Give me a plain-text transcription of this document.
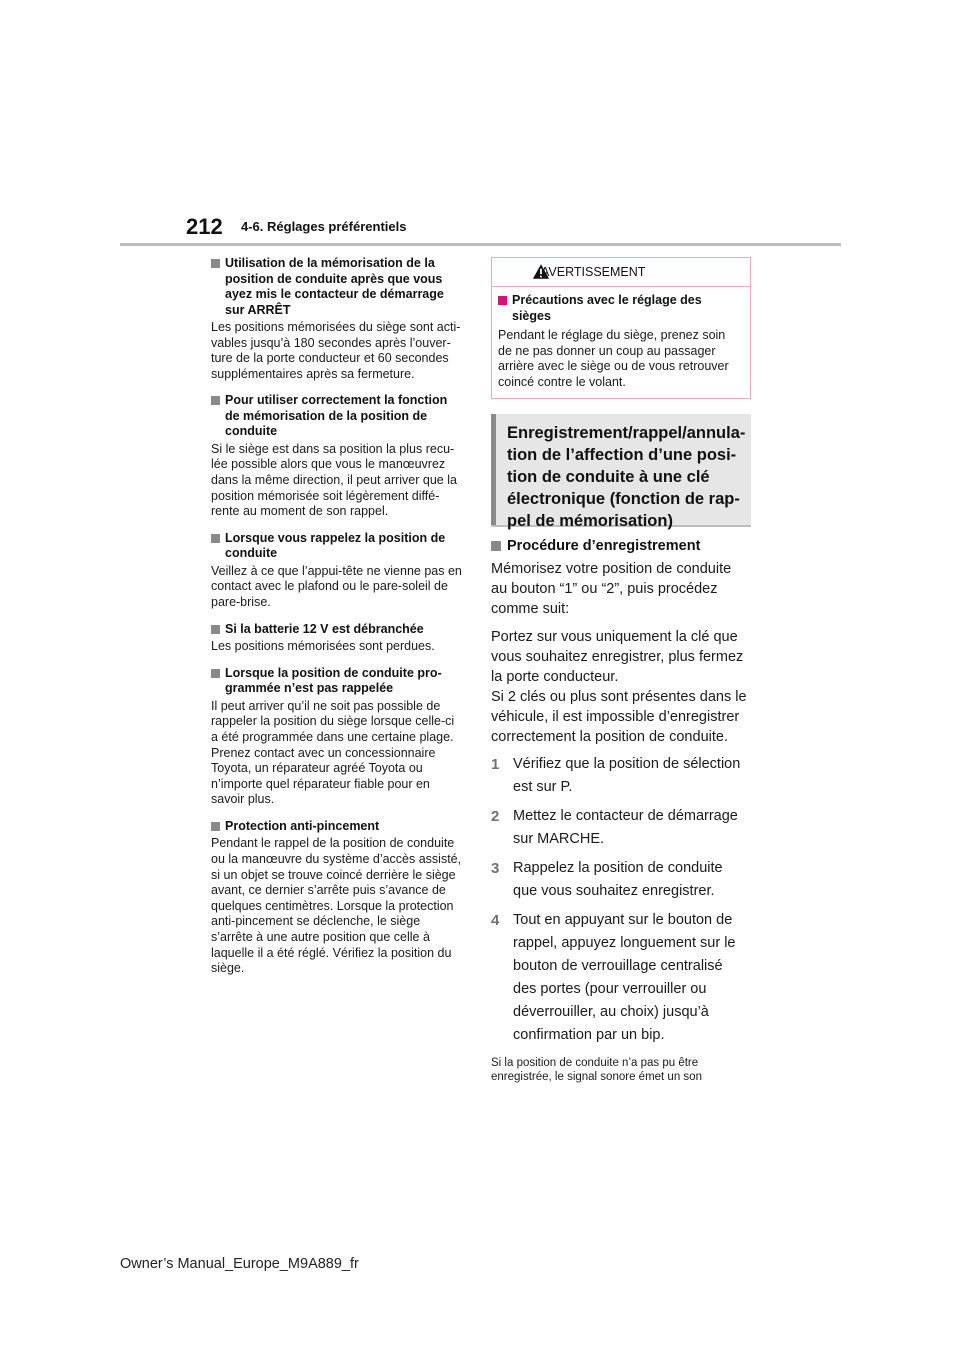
212 4-6. Réglages préférentiels
Utilisation de la mémorisation de la
position de conduite après que vous
ayez mis le contacteur de démarrage
sur ARRÊT
Les positions mémorisées du siège sont acti-
vables jusqu’à 180 secondes après l’ouver-
ture de la porte conducteur et 60 secondes
supplémentaires après sa fermeture.
Pour utiliser correctement la fonction
de mémorisation de la position de
conduite
Si le siège est dans sa position la plus recu-
lée possible alors que vous le manœuvrez
dans la même direction, il peut arriver que la
position mémorisée soit légèrement diffé-
rente au moment de son rappel.
Lorsque vous rappelez la position de
conduite
Veillez à ce que l’appui-tête ne vienne pas en
contact avec le plafond ou le pare-soleil de
pare-brise.
Si la batterie 12 V est débranchée
Les positions mémorisées sont perdues.
Lorsque la position de conduite pro-
grammée n’est pas rappelée
Il peut arriver qu’il ne soit pas possible de
rappeler la position du siège lorsque celle-ci
a été programmée dans une certaine plage.
Prenez contact avec un concessionnaire
Toyota, un réparateur agréé Toyota ou
n’importe quel réparateur fiable pour en
savoir plus.
Protection anti-pincement
Pendant le rappel de la position de conduite
ou la manœuvre du système d’accès assisté,
si un objet se trouve coincé derrière le siège
avant, ce dernier s’arrête puis s’avance de
quelques centimètres. Lorsque la protection
anti-pincement se déclenche, le siège
s’arrête à une autre position que celle à
laquelle il a été réglé. Vérifiez la position du
siège.
AVERTISSEMENT
Précautions avec le réglage des
sièges
Pendant le réglage du siège, prenez soin
de ne pas donner un coup au passager
arrière avec le siège ou de vous retrouver
coincé contre le volant.
Enregistrement/rappel/annula-
tion de l’affection d’une posi-
tion de conduite à une clé
électronique (fonction de rap-
pel de mémorisation)
Procédure d’enregistrement
Mémorisez votre position de conduite
au bouton “1” ou “2”, puis procédez
comme suit:
Portez sur vous uniquement la clé que
vous souhaitez enregistrer, plus fermez
la porte conducteur.
Si 2 clés ou plus sont présentes dans le
véhicule, il est impossible d’enregistrer
correctement la position de conduite.
1 Vérifiez que la position de sélection
est sur P.
2 Mettez le contacteur de démarrage
sur MARCHE.
3 Rappelez la position de conduite
que vous souhaitez enregistrer.
4 Tout en appuyant sur le bouton de
rappel, appuyez longuement sur le
bouton de verrouillage centralisé
des portes (pour verrouiller ou
déverrouiller, au choix) jusqu’à
confirmation par un bip.
Si la position de conduite n’a pas pu être
enregistrée, le signal sonore émet un son
Owner’s Manual_Europe_M9A889_fr
